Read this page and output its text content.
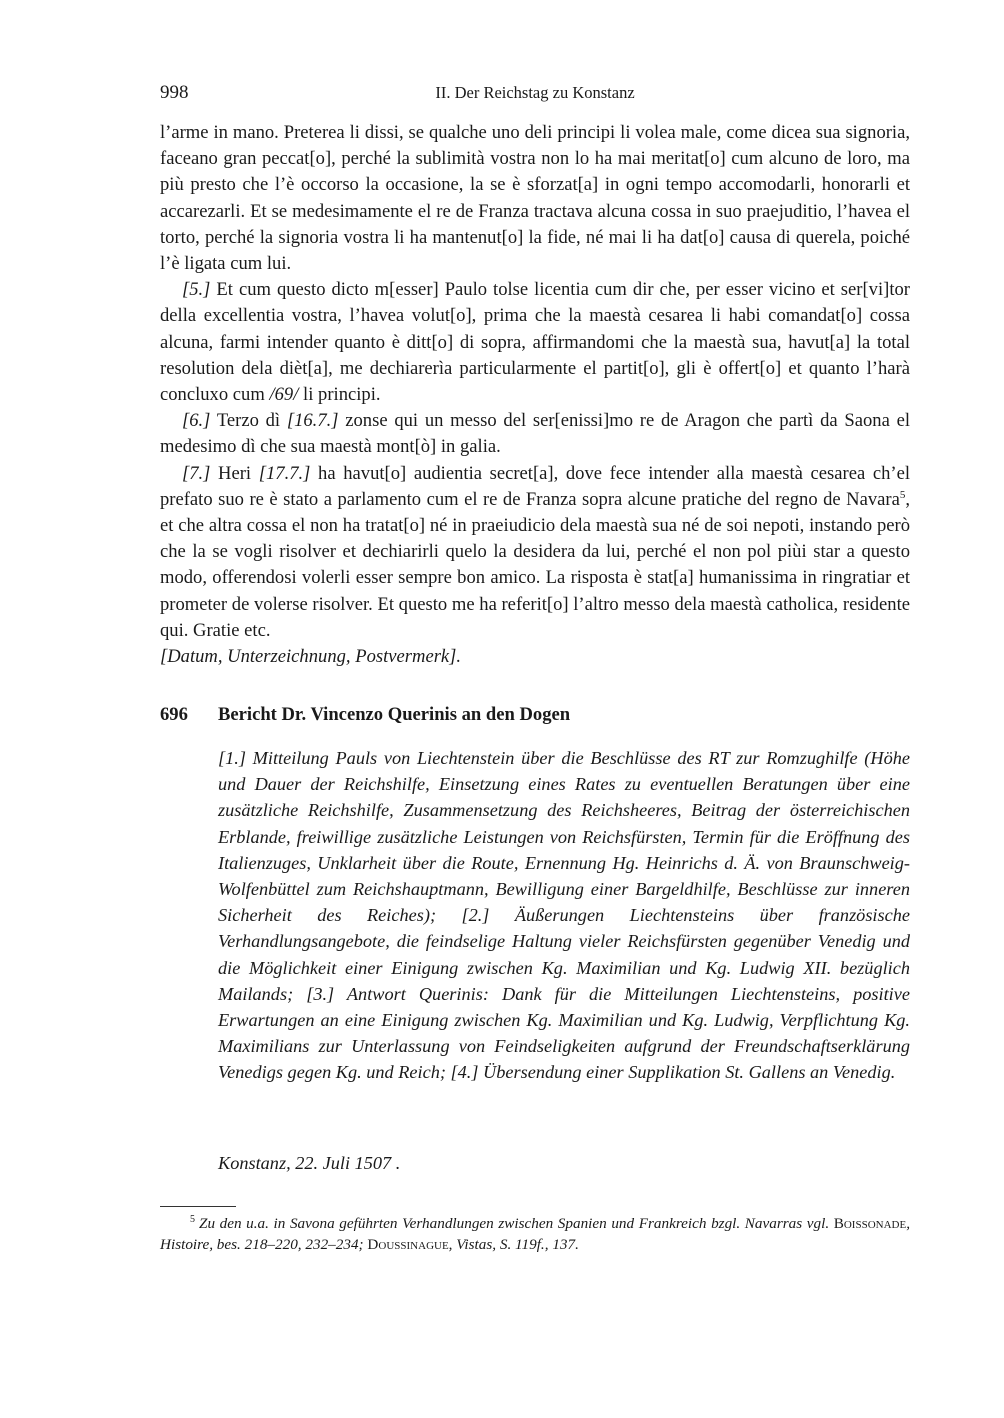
998	II. Der Reichstag zu Konstanz

l’arme in mano. Preterea li dissi, se qualche uno deli principi li volea male, come dicea sua signoria, faceano gran peccat[o], perché la sublimità vostra non lo ha mai meritat[o] cum alcuno de loro, ma più presto che l’è occorso la occasione, la se è sforzat[a] in ogni tempo accomodarli, honorarli et accarezarli. Et se medesimamente el re de Franza tractava alcuna cossa in suo praejuditio, l’havea el torto, perché la signoria vostra li ha mantenut[o] la fide, né mai li ha dat[o] causa di querela, poiché l’è ligata cum lui.

[5.] Et cum questo dicto m[esser] Paulo tolse licentia cum dir che, per esser vicino et ser[vi]tor della excellentia vostra, l’havea volut[o], prima che la maestà cesarea li habi comandat[o] cossa alcuna, farmi intender quanto è ditt[o] di sopra, affirmandomi che la maestà sua, havut[a] la total resolution dela dièt[a], me dechiarerìa particularmente el partit[o], gli è offert[o] et quanto l’harà concluxo cum /69/ li principi.

[6.] Terzo dì [16.7.] zonse qui un messo del ser[enissi]mo re de Aragon che partì da Saona el medesimo dì che sua maestà mont[ò] in galia.

[7.] Heri [17.7.] ha havut[o] audientia secret[a], dove fece intender alla maestà cesarea ch’el prefato suo re è stato a parlamento cum el re de Franza sopra alcune pratiche del regno de Navara$^5$, et che altra cossa el non ha tratat[o] né in praeiudicio dela maestà sua né de soi nepoti, instando però che la se vogli risolver et dechiarirli quelo la desidera da lui, perché el non pol piùi star a questo modo, offerendosi volerli esser sempre bon amico. La risposta è stat[a] humanissima in ringratiar et prometer de volerse risolver. Et questo me ha referit[o] l’altro messo dela maestà catholica, residente qui. Gratie etc.

[Datum, Unterzeichnung, Postvermerk].

696 Bericht Dr. Vincenzo Querinis an den Dogen

[1.] Mitteilung Pauls von Liechtenstein über die Beschlüsse des RT zur Romzughilfe (Höhe und Dauer der Reichshilfe, Einsetzung eines Rates zu eventuellen Beratungen über eine zusätzliche Reichshilfe, Zusammensetzung des Reichsheeres, Beitrag der österreichischen Erblande, freiwillige zusätzliche Leistungen von Reichsfürsten, Termin für die Eröffnung des Italienzuges, Unklarheit über die Route, Ernennung Hg. Heinrichs d. Ä. von Braunschweig-Wolfenbüttel zum Reichshauptmann, Bewilligung einer Bargeldhilfe, Beschlüsse zur inneren Sicherheit des Reiches); [2.] Äußerungen Liechtensteins über französische Verhandlungsangebote, die feindselige Haltung vieler Reichsfürsten gegenüber Venedig und die Möglichkeit einer Einigung zwischen Kg. Maximilian und Kg. Ludwig XII. bezüglich Mailands; [3.] Antwort Querinis: Dank für die Mitteilungen Liechtensteins, positive Erwartungen an eine Einigung zwischen Kg. Maximilian und Kg. Ludwig, Verpflichtung Kg. Maximilians zur Unterlassung von Feindseligkeiten aufgrund der Freundschaftserklärung Venedigs gegen Kg. und Reich; [4.] Übersendung einer Supplikation St. Gallens an Venedig.

Konstanz, 22. Juli 1507 .
$^5$ Zu den u.a. in Savona geführten Verhandlungen zwischen Spanien und Frankreich bzgl. Navarras vgl. Boissonade, Histoire, bes. 218–220, 232–234; Doussinague, Vistas, S. 119f., 137.
